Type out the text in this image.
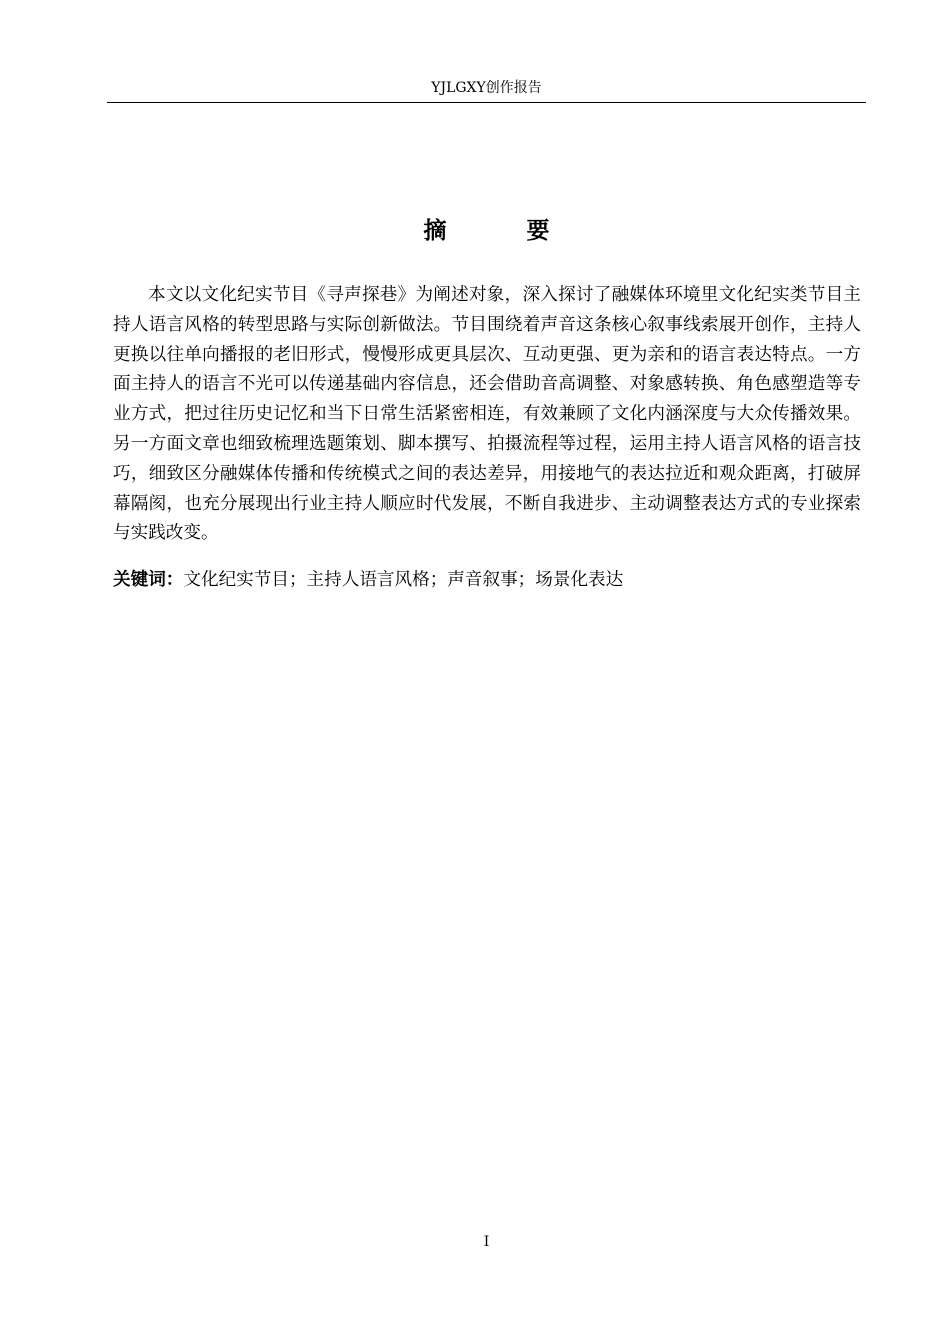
YJLGXY创作报告
摘 要

本文以文化纪实节目《寻声探巷》为阐述对象，深入探讨了融媒体环境里文化纪实类节目主持人语言风格的转型思路与实际创新做法。节目围绕着声音这条核心叙事线索展开创作，主持人更换以往单向播报的老旧形式，慢慢形成更具层次、互动更强、更为亲和的语言表达特点。一方面主持人的语言不光可以传递基础内容信息，还会借助音高调整、对象感转换、角色感塑造等专业方式，把过往历史记忆和当下日常生活紧密相连，有效兼顾了文化内涵深度与大众传播效果。另一方面文章也细致梳理选题策划、脚本撰写、拍摄流程等过程，运用主持人语言风格的语言技巧，细致区分融媒体传播和传统模式之间的表达差异，用接地气的表达拉近和观众距离，打破屏幕隔阂，也充分展现出行业主持人顺应时代发展，不断自我进步、主动调整表达方式的专业探索与实践改变。

关键词：文化纪实节目；主持人语言风格；声音叙事；场景化表达

I
